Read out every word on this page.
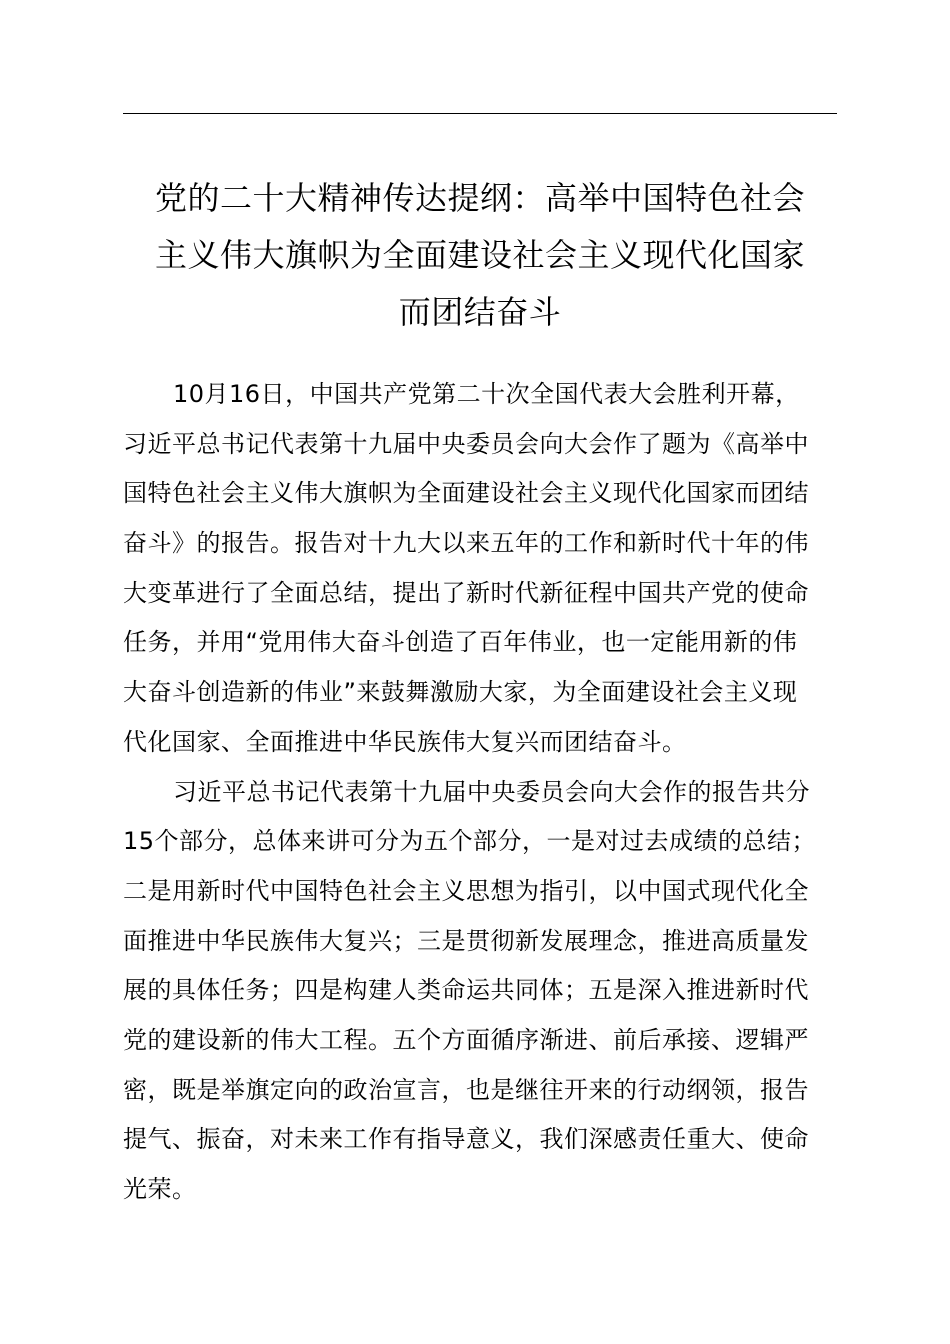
党的二十大精神传达提纲：高举中国特色社会
主义伟大旗帜为全面建设社会主义现代化国家
而团结奋斗

10月16日，中国共产党第二十次全国代表大会胜利开幕，
习近平总书记代表第十九届中央委员会向大会作了题为《高举中
国特色社会主义伟大旗帜为全面建设社会主义现代化国家而团结
奋斗》的报告。报告对十九大以来五年的工作和新时代十年的伟
大变革进行了全面总结，提出了新时代新征程中国共产党的使命
任务，并用“党用伟大奋斗创造了百年伟业，也一定能用新的伟
大奋斗创造新的伟业”来鼓舞激励大家，为全面建设社会主义现
代化国家、全面推进中华民族伟大复兴而团结奋斗。

习近平总书记代表第十九届中央委员会向大会作的报告共分
15个部分，总体来讲可分为五个部分，一是对过去成绩的总结；
二是用新时代中国特色社会主义思想为指引，以中国式现代化全
面推进中华民族伟大复兴；三是贯彻新发展理念，推进高质量发
展的具体任务；四是构建人类命运共同体；五是深入推进新时代
党的建设新的伟大工程。五个方面循序渐进、前后承接、逻辑严
密，既是举旗定向的政治宣言，也是继往开来的行动纲领，报告
提气、振奋，对未来工作有指导意义，我们深感责任重大、使命
光荣。
